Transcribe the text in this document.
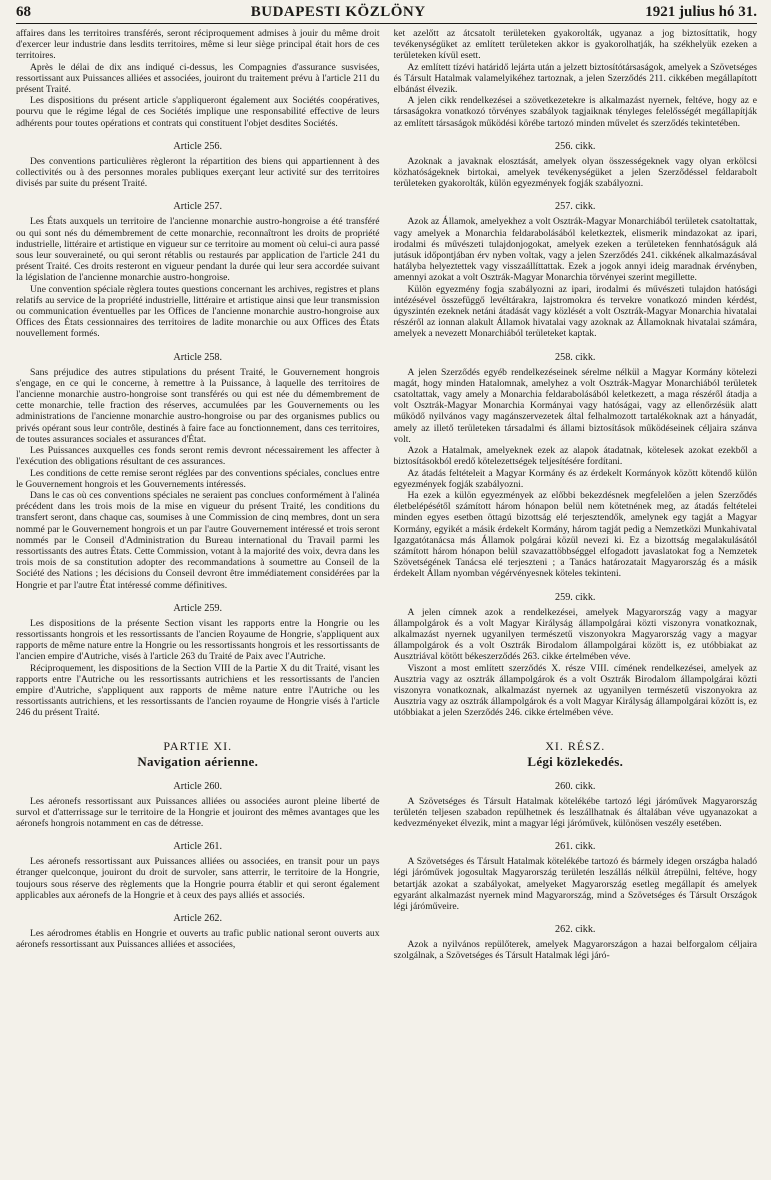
68	BUDAPESTI KÖZLÖNY	1921 julius hó 31.

affaires dans les territoires transférés, seront réciproquement admises à jouir du même droit d'exercer leur industrie dans lesdits territoires, même si leur siège principal était hors de ces territoires.

Après le délai de dix ans indiqué ci-dessus, les Compagnies d'assurance susvisées, ressortissant aux Puissances alliées et associées, jouiront du traitement prévu à l'article 211 du présent Traité.

Les dispositions du présent article s'appliqueront également aux Sociétés coopératives, pourvu que le régime légal de ces Sociétés implique une responsabilité effective de leurs adhérents pour toutes opérations et contrats qui constituent l'objet desdites Sociétés.

Article 256.

Des conventions particulières règleront la répartition des biens qui appartiennent à des collectivités ou à des personnes morales publiques exerçant leur activité sur des territoires divisés par suite du présent Traité.

Article 257.

Les États auxquels un territoire de l'ancienne monarchie austro-hongroise a été transféré ou qui sont nés du démembrement de cette monarchie, reconnaîtront les droits de propriété industrielle, littéraire et artistique en vigueur sur ce territoire au moment où celui-ci aura passé sous leur souveraineté, ou qui seront rétablis ou restaurés par application de l'article 241 du présent Traité. Ces droits resteront en vigueur pendant la durée qui leur sera accordée suivant la législation de l'ancienne monarchie austro-hongroise.

Une convention spéciale règlera toutes questions concernant les archives, registres et plans relatifs au service de la propriété industrielle, littéraire et artistique ainsi que leur transmission ou communication éventuelles par les Offices de l'ancienne monarchie austro-hongroise aux Offices des États cessionnaires des territoires de ladite monarchie ou aux Offices des États nouvellement formés.

Article 258.

Sans préjudice des autres stipulations du présent Traité, le Gouvernement hongrois s'engage, en ce qui le concerne, à remettre à la Puissance, à laquelle des territoires de l'ancienne monarchie austro-hongroise sont transférés ou qui est née du démembrement de cette monarchie, telle fraction des réserves, accumulées par les Gouvernements ou les administrations de l'ancienne monarchie austro-hongroise ou par des organismes publics ou privés opérant sous leur contrôle, destinés à faire face au fonctionnement, dans ces territoires, de toutes assurances sociales et assurances d'État.

Les Puissances auxquelles ces fonds seront remis devront nécessairement les affecter à l'exécution des obligations résultant de ces assurances.

Les conditions de cette remise seront réglées par des conventions spéciales, conclues entre le Gouvernement hongrois et les Gouvernements intéressés.

Dans le cas où ces conventions spéciales ne seraient pas conclues conformément à l'alinéa précédent dans les trois mois de la mise en vigueur du présent Traité, les conditions du transfert seront, dans chaque cas, soumises à une Commission de cinq membres, dont un sera nommé par le Gouvernement hongrois et un par l'autre Gouvernement intéressé et trois seront nommés par le Conseil d'Administration du Bureau international du Travail parmi les ressortissants des autres États. Cette Commission, votant à la majorité des voix, devra dans les trois mois de sa constitution adopter des recommandations à soumettre au Conseil de la Société des Nations ; les décisions du Conseil devront être immédiatement considérées par la Hongrie et par l'autre État intéressé comme définitives.

Article 259.

Les dispositions de la présente Section visant les rapports entre la Hongrie ou les ressortissants hongrois et les ressortissants de l'ancien Royaume de Hongrie, s'appliquent aux rapports de même nature entre la Hongrie ou les ressortissants hongrois et les ressortissants de l'ancien empire d'Autriche, visés à l'article 263 du Traité de Paix avec l'Autriche.

Réciproquement, les dispositions de la Section VIII de la Partie X du dit Traité, visant les rapports entre l'Autriche ou les ressortissants autrichiens et les ressortissants de l'ancien empire d'Autriche, s'appliquent aux rapports de même nature entre l'Autriche ou les ressortissants autrichiens, et les ressortissants de l'ancien royaume de Hongrie visés à l'article 246 du présent Traité.

PARTIE XI.
Navigation aérienne.
Article 260.

Les aéronefs ressortissant aux Puissances alliées ou associées auront pleine liberté de survol et d'atterrissage sur le territoire de la Hongrie et jouiront des mêmes avantages que les aéronefs hongrois notamment en cas de détresse.

Article 261.

Les aéronefs ressortissant aux Puissances alliées ou associées, en transit pour un pays étranger quelconque, jouiront du droit de survoler, sans atterrir, le territoire de la Hongrie, toujours sous réserve des règlements que la Hongrie pourra établir et qui seront également applicables aux aéronefs de la Hongrie et à ceux des pays alliés et associés.

Article 262.

Les aérodromes établis en Hongrie et ouverts au trafic public national seront ouverts aux aéronefs ressortissant aux Puissances alliées et associées,

ket azelőtt az átcsatolt területeken gyakorolták, ugyanaz a jog biztosíttatik, hogy tevékenységüket az említett területeken akkor is gyakorolhatják, ha székhelyük ezeken a területeken kívül esett.

Az említett tízévi határidő lejárta után a jelzett biztosítótársaságok, amelyek a Szövetséges és Társult Hatalmak valamelyikéhez tartoznak, a jelen Szerződés 211. cikkében megállapított elbánást élvezik.

A jelen cikk rendelkezései a szövetkezetekre is alkalmazást nyernek, feltéve, hogy az e társaságokra vonatkozó törvényes szabályok tagjaiknak tényleges felelősségét megállapítják az említett társaságok működési körébe tartozó minden művelet és szerződés tekintetében.

256. cikk.

Azoknak a javaknak elosztását, amelyek olyan összességeknek vagy olyan erkölcsi közhatóságeknek birtokai, amelyek tevékenységüket a jelen Szerződéssel feldarabolt területeken gyakorolták, külön egyezmények fogják szabályozni.

257. cikk.

Azok az Államok, amelyekhez a volt Osztrák-Magyar Monarchiából területek csatoltattak, vagy amelyek a Monarchia feldarabolásából keletkeztek, elismerik mindazokat az ipari, irodalmi és művészeti tulajdonjogokat, amelyek ezeken a területeken fennhatóságuk alá jutásuk időpontjában érv nyben voltak, vagy a jelen Szerződés 241. cikkének alkalmazásával hatályba helyeztettek vagy visszaállíttattak. Ezek a jogok annyi ideig maradnak érvényben, amennyi azokat a volt Osztrák-Magyar Monarchia törvényei szerint megillette.

Külön egyezmény fogja szabályozni az ipari, irodalmi és művészeti tulajdon hatósági intézésével összefüggő levéltárakra, lajstromokra és tervekre vonatkozó minden kérdést, úgyszintén ezeknek netáni átadását vagy közlését a volt Osztrák-Magyar Monarchia hivatalai részéről az ionnan alakult Államok hivatalai vagy azoknak az Államoknak hivatalai számára, amelyek a nevezett Monarchiából területeket kaptak.

258. cikk.

A jelen Szerződés egyéb rendelkezéseinek sérelme nélkül a Magyar Kormány kötelezi magát, hogy minden Hatalomnak, amelyhez a volt Osztrák-Magyar Monarchiából területek csatoltattak, vagy amely a Monarchia feldarabolásából keletkezett, a maga részéről átadja a volt Osztrák-Magyar Monarchia Kormányai vagy hatóságai, vagy az ellenőrzésük alatt működő nyilvános vagy magánszervezetek által felhalmozott tartalékoknak azt a hányadát, amely az illető területeken társadalmi és állami biztosítások működéseinek céljaira szánva volt.

Azok a Hatalmak, amelyeknek ezek az alapok átadatnak, kötelesek azokat ezekből a biztosításokból eredő kötelezettségek teljesítésére fordítani.

Az átadás feltételeit a Magyar Kormány és az érdekelt Kormányok között kötendő külön egyezmények fogják szabályozni.

Ha ezek a külön egyezmények az előbbi bekezdésnek megfelelően a jelen Szerződés életbelépésétől számított három hónapon belül nem kötetnének meg, az átadás feltételei minden egyes esetben öttagú bizottság elé terjesztendők, amelynek egy tagját a Magyar Kormány, egyikét a másik érdekelt Kormány, három tagját pedig a Nemzetközi Munkahivatal Igazgatótanácsa más Államok polgárai közül nevezi ki. Ez a bizottság megalakulásától számított három hónapon belül szavazattöbbséggel elfogadott javaslatokat fog a Nemzetek Szövetségének Tanácsa elé terjeszteni ; a Tanács határozatait Magyarország és a másik érdekelt Állam nyomban végérvényesnek köteles tekinteni.

259. cikk.

A jelen címnek azok a rendelkezései, amelyek Magyarország vagy a magyar állampolgárok és a volt Magyar Királyság állampolgárai közti viszonyra vonatkoznak, alkalmazást nyernek ugyanilyen természetű viszonyokra Magyarország vagy a magyar állampolgárok és a volt Osztrák Birodalom állampolgárai között is, ez utóbbiakat az Ausztriával kötött békeszerződés 263. cikke értelmében véve.

Viszont a most említett szerződés X. része VIII. címének rendelkezései, amelyek az Ausztria vagy az osztrák állampolgárok és a volt Osztrák Birodalom állampolgárai közti viszonyra vonatkoznak, alkalmazást nyernek az ugyanilyen természetű viszonyokra az Ausztria vagy az osztrák állampolgárok és a volt Magyar Királyság állampolgárai között is, ez utóbbiakat a jelen Szerződés 246. cikke értelmében véve.

XI. RÉSZ.
Légi közlekedés.
260. cikk.

A Szövetséges és Társult Hatalmak kötelékébe tartozó légi járóművek Magyarország területén teljesen szabadon repülhetnek és leszállhatnak és általában véve ugyanazokat a kedvezményeket élvezik, mint a magyar légi járóművek, különösen veszély esetében.

261. cikk.

A Szövetséges és Társult Hatalmak kötelékébe tartozó és bármely idegen országba haladó légi járóművek jogosultak Magyarország területén leszállás nélkül átrepülni, feltéve, hogy betartják azokat a szabályokat, amelyeket Magyarország esetleg megállapít és amelyek egyaránt alkalmazást nyernek mind Magyarország, mind a Szövetséges és Társult Országok légi járóműveire.

262. cikk.

Azok a nyilvános repülőterek, amelyek Magyarországon a hazai belforgalom céljaira szolgálnak, a Szövetséges és Társult Hatalmak légi járó-
